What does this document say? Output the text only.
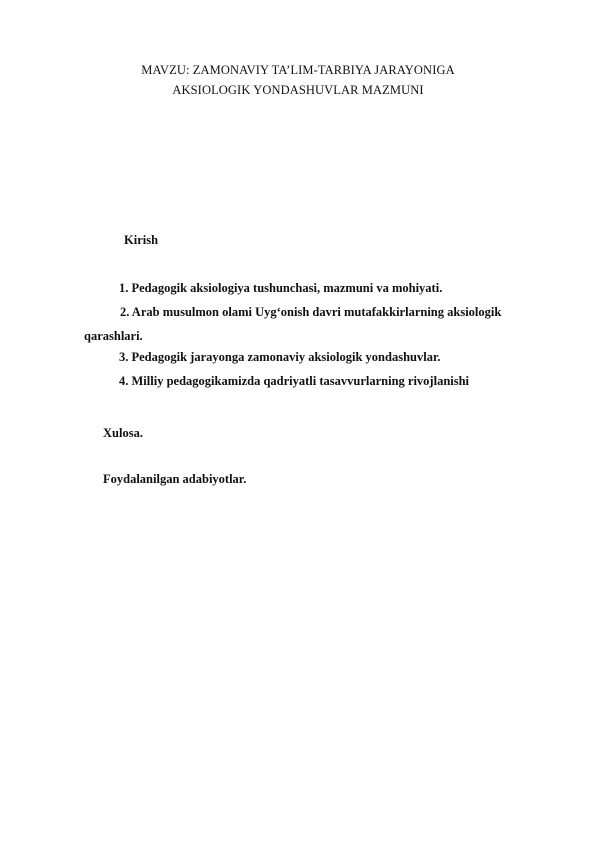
MAVZU: ZAMONAVIY TA’LIM-TARBIYA JARAYONIGA
AKSIOLOGIK YONDASHUVLAR MAZMUNI
Kirish
1. Pedagogik aksiologiya tushunchasi, mazmuni va mohiyati.
2. Arab musulmon olami Uyg‘onish davri mutafakkirlarning aksiologik
qarashlari.
3. Pedagogik jarayonga zamonaviy aksiologik yondashuvlar.
4. Milliy pedagogikamizda qadriyatli tasavvurlarning rivojlanishi
Xulosa.
Foydalanilgan adabiyotlar.
